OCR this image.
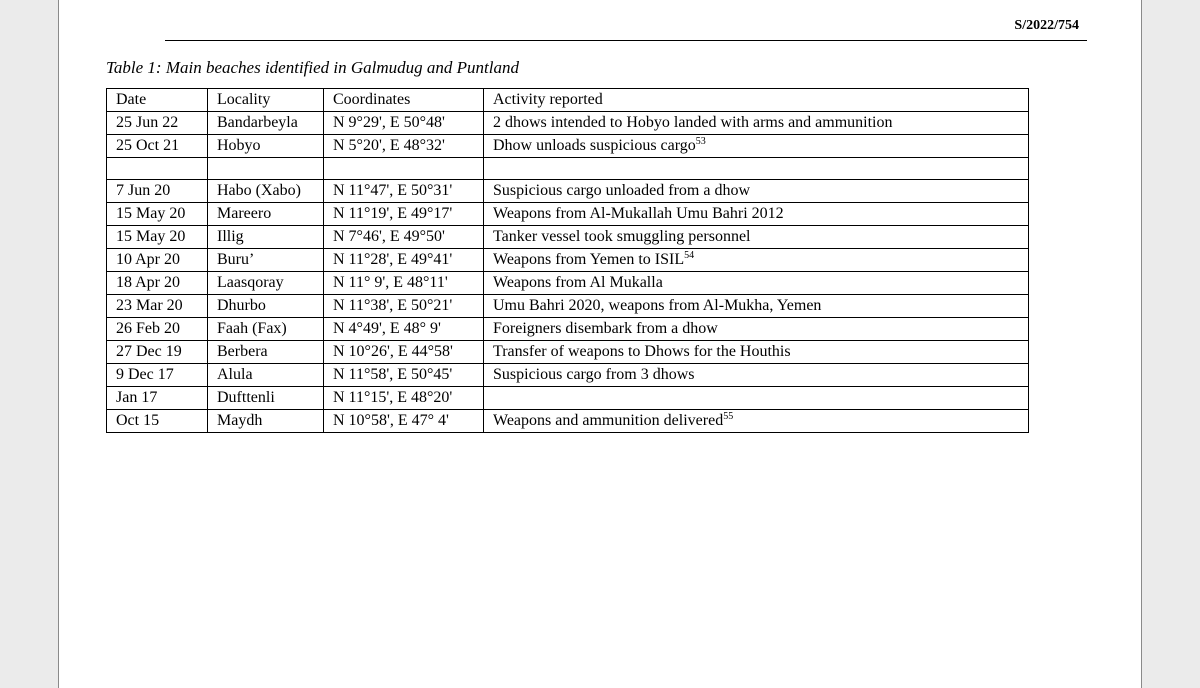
S/2022/754
Table 1: Main beaches identified in Galmudug and Puntland
Date	Locality	Coordinates	Activity reported
25 Jun 22	Bandarbeyla	N 9°29', E 50°48'	2 dhows intended to Hobyo landed with arms and ammunition
25 Oct 21	Hobyo	N 5°20', E 48°32'	Dhow unloads suspicious cargo$^{53}$

7 Jun 20	Habo (Xabo)	N 11°47', E 50°31'	Suspicious cargo unloaded from a dhow
15 May 20	Mareero	N 11°19', E 49°17'	Weapons from Al-Mukallah Umu Bahri 2012
15 May 20	Illig	N 7°46', E 49°50'	Tanker vessel took smuggling personnel
10 Apr 20	Buru’	N 11°28', E 49°41'	Weapons from Yemen to ISIL$^{54}$
18 Apr 20	Laasqoray	N 11° 9', E 48°11'	Weapons from Al Mukalla
23 Mar 20	Dhurbo	N 11°38', E 50°21'	Umu Bahri 2020, weapons from Al-Mukha, Yemen
26 Feb 20	Faah (Fax)	N 4°49', E 48° 9'	Foreigners disembark from a dhow
27 Dec 19	Berbera	N 10°26', E 44°58'	Transfer of weapons to Dhows for the Houthis
9 Dec 17	Alula	N 11°58', E 50°45'	Suspicious cargo from 3 dhows
Jan 17	Dufttenli	N 11°15', E 48°20'	
Oct 15	Maydh	N 10°58', E 47° 4'	Weapons and ammunition delivered$^{55}$
